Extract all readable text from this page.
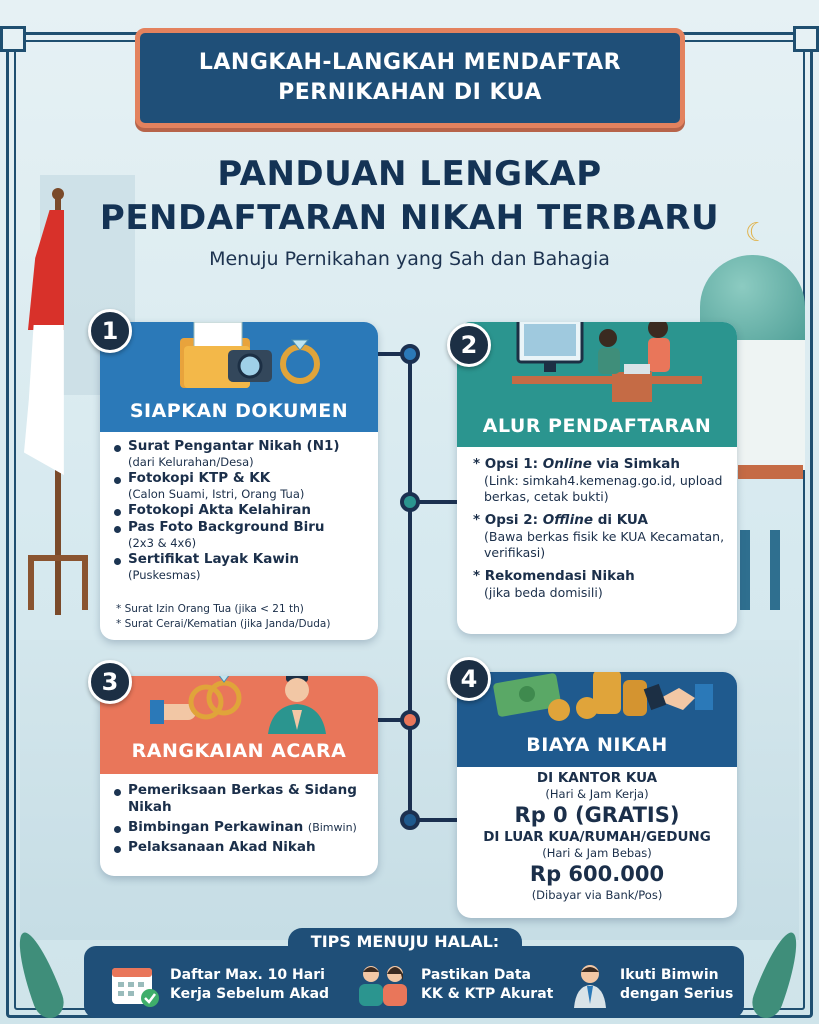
☾
LANGKAH-LANGKAH MENDAFTAR
PERNIKAHAN DI KUA
PANDUAN LENGKAP
PENDAFTARAN NIKAH TERBARU
Menuju Pernikahan yang Sah dan Bahagia
SIAPKAN DOKUMEN
Surat Pengantar Nikah (N1)
(dari Kelurahan/Desa)
Fotokopi KTP & KK
(Calon Suami, Istri, Orang Tua)
Fotokopi Akta Kelahiran
Pas Foto Background Biru
(2x3 & 4x6)
Sertifikat Layak Kawin
(Puskesmas)
* Surat Izin Orang Tua (jika < 21 th)
* Surat Cerai/Kematian (jika Janda/Duda)
1
ALUR PENDAFTARAN
* Opsi 1: Online via Simkah
(Link: simkah4.kemenag.go.id, upload berkas, cetak bukti)
* Opsi 2: Offline di KUA
(Bawa berkas fisik ke KUA Kecamatan, verifikasi)
* Rekomendasi Nikah
(jika beda domisili)
2
RANGKAIAN ACARA
Pemeriksaan Berkas & Sidang Nikah
Bimbingan Perkawinan (Bimwin)
Pelaksanaan Akad Nikah
3
BIAYA NIKAH
DI KANTOR KUA
(Hari & Jam Kerja)
Rp 0 (GRATIS)
DI LUAR KUA/RUMAH/GEDUNG
(Hari & Jam Bebas)
Rp 600.000
(Dibayar via Bank/Pos)
4
TIPS MENUJU HALAL:
Daftar Max. 10 Hari
Kerja Sebelum Akad
Pastikan Data
KK & KTP Akurat
Ikuti Bimwin
dengan Serius
